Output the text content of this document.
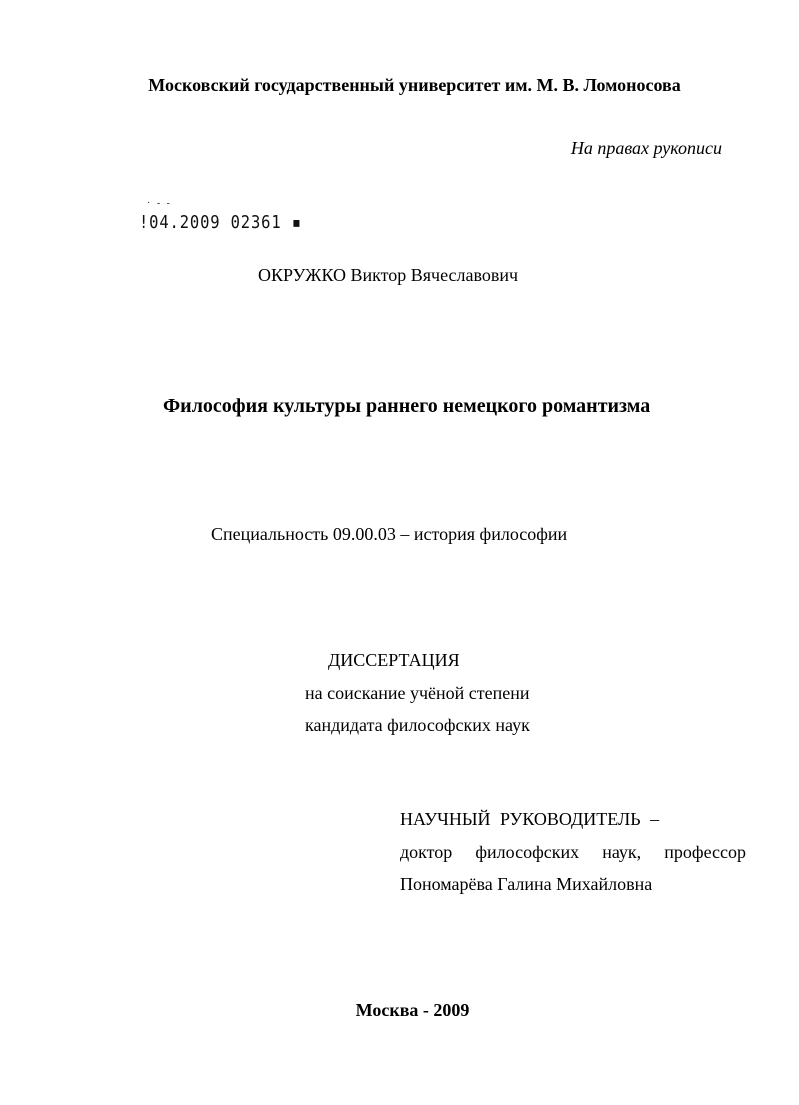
Московский государственный университет им. М. В. Ломоносова
На правах рукописи
· - -
!04.2009 02361 ▪
ОКРУЖКО Виктор Вячеславович
Философия культуры раннего немецкого романтизма
Специальность 09.00.03 – история философии
ДИССЕРТАЦИЯ
на соискание учёной степени
кандидата философских наук
НАУЧНЫЙ РУКОВОДИТЕЛЬ –
доктор философских наук, профессор
Пономарёва Галина Михайловна
Москва - 2009
